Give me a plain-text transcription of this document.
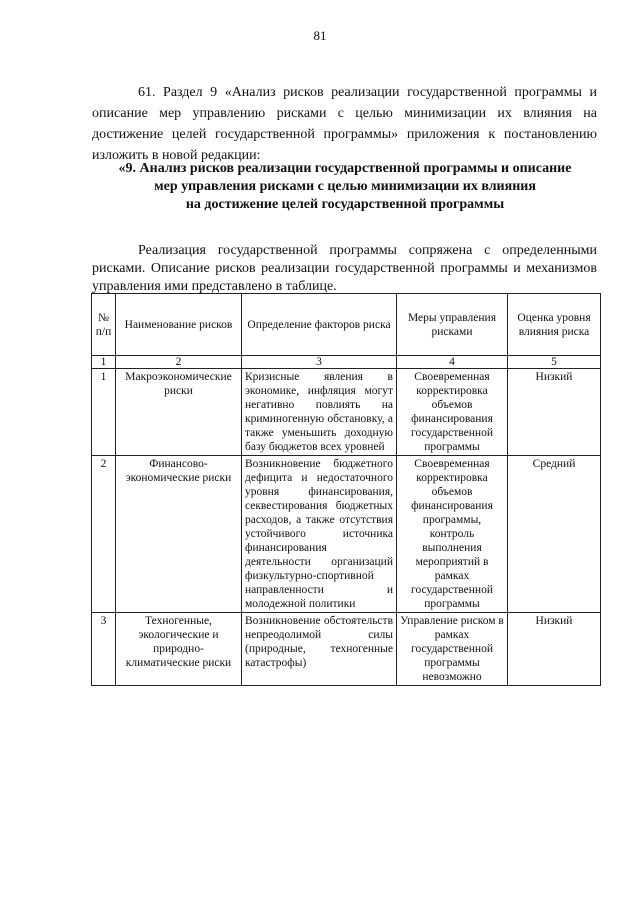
81

61. Раздел 9 «Анализ рисков реализации государственной программы и описание мер управлению рисками с целью минимизации их влияния на достижение целей государственной программы» приложения к постановлению изложить в новой редакции:

«9. Анализ рисков реализации государственной программы и описание
мер управления рисками с целью минимизации их влияния
на достижение целей государственной программы

Реализация государственной программы сопряжена с определенными рисками. Описание рисков реализации государственной программы и механизмов управления ими представлено в таблице.

№ п/п	Наименование рисков	Определение факторов риска	Меры управления рисками	Оценка уровня влияния риска
1	2	3	4	5
1	Макроэкономические риски	Кризисные явления в экономике, инфляция могут негативно повлиять на криминогенную обстановку, а также уменьшить доходную базу бюджетов всех уровней	Своевременная корректировка объемов финансирования государственной программы	Низкий
2	Финансово-экономические риски	Возникновение бюджетного дефицита и недостаточного уровня финансирования, секвестирования бюджетных расходов, а также отсутствия устойчивого источника финансирования деятельности организаций физкультурно-спортивной направленности и молодежной политики	Своевременная корректировка объемов финансирования программы, контроль выполнения мероприятий в рамках государственной программы	Средний
3	Техногенные, экологические и природно-климатические риски	Возникновение обстоятельств непреодолимой силы (природные, техногенные катастрофы)	Управление риском в рамках государственной программы невозможно	Низкий
